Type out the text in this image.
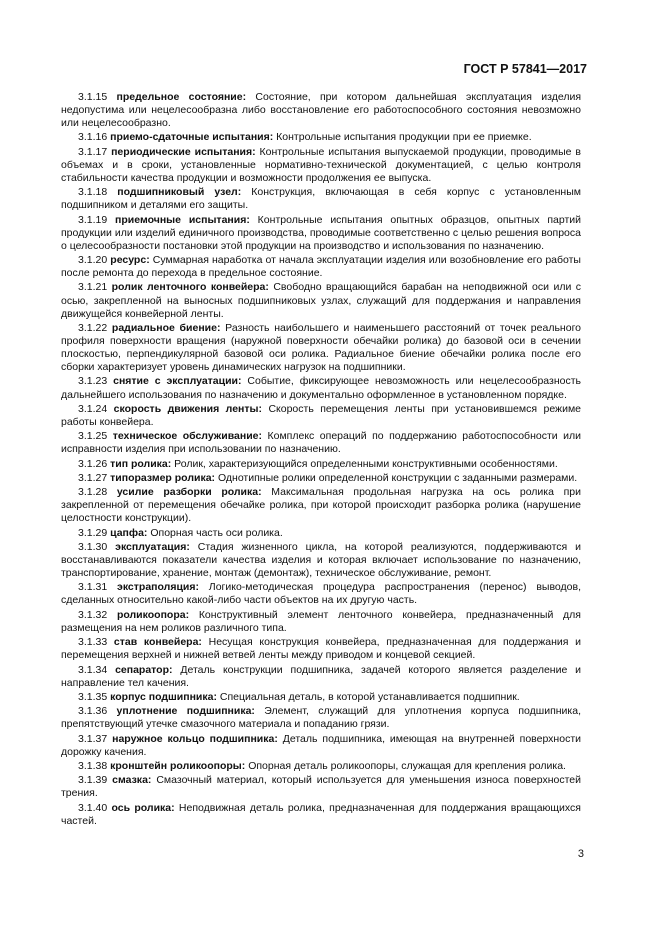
ГОСТ Р 57841—2017

3.1.15 предельное состояние: Состояние, при котором дальнейшая эксплуатация изделия недопустима или нецелесообразна либо восстановление его работоспособного состояния невозможно или нецелесообразно.

3.1.16 приемо-сдаточные испытания: Контрольные испытания продукции при ее приемке.

3.1.17 периодические испытания: Контрольные испытания выпускаемой продукции, проводимые в объемах и в сроки, установленные нормативно-технической документацией, с целью контроля стабильности качества продукции и возможности продолжения ее выпуска.

3.1.18 подшипниковый узел: Конструкция, включающая в себя корпус с установленным подшипником и деталями его защиты.

3.1.19 приемочные испытания: Контрольные испытания опытных образцов, опытных партий продукции или изделий единичного производства, проводимые соответственно с целью решения вопроса о целесообразности постановки этой продукции на производство и использования по назначению.

3.1.20 ресурс: Суммарная наработка от начала эксплуатации изделия или возобновление его работы после ремонта до перехода в предельное состояние.

3.1.21 ролик ленточного конвейера: Свободно вращающийся барабан на неподвижной оси или с осью, закрепленной на выносных подшипниковых узлах, служащий для поддержания и направления движущейся конвейерной ленты.

3.1.22 радиальное биение: Разность наибольшего и наименьшего расстояний от точек реального профиля поверхности вращения (наружной поверхности обечайки ролика) до базовой оси в сечении плоскостью, перпендикулярной базовой оси ролика. Радиальное биение обечайки ролика после его сборки характеризует уровень динамических нагрузок на подшипники.

3.1.23 снятие с эксплуатации: Событие, фиксирующее невозможность или нецелесообразность дальнейшего использования по назначению и документально оформленное в установленном порядке.

3.1.24 скорость движения ленты: Скорость перемещения ленты при установившемся режиме работы конвейера.

3.1.25 техническое обслуживание: Комплекс операций по поддержанию работоспособности или исправности изделия при использовании по назначению.

3.1.26 тип ролика: Ролик, характеризующийся определенными конструктивными особенностями.

3.1.27 типоразмер ролика: Однотипные ролики определенной конструкции с заданными размерами.

3.1.28 усилие разборки ролика: Максимальная продольная нагрузка на ось ролика при закрепленной от перемещения обечайке ролика, при которой происходит разборка ролика (нарушение целостности конструкции).

3.1.29 цапфа: Опорная часть оси ролика.

3.1.30 эксплуатация: Стадия жизненного цикла, на которой реализуются, поддерживаются и восстанавливаются показатели качества изделия и которая включает использование по назначению, транспортирование, хранение, монтаж (демонтаж), техническое обслуживание, ремонт.

3.1.31 экстраполяция: Логико-методическая процедура распространения (перенос) выводов, сделанных относительно какой-либо части объектов на их другую часть.

3.1.32 роликоопора: Конструктивный элемент ленточного конвейера, предназначенный для размещения на нем роликов различного типа.

3.1.33 став конвейера: Несущая конструкция конвейера, предназначенная для поддержания и перемещения верхней и нижней ветвей ленты между приводом и концевой секцией.

3.1.34 сепаратор: Деталь конструкции подшипника, задачей которого является разделение и направление тел качения.

3.1.35 корпус подшипника: Специальная деталь, в которой устанавливается подшипник.

3.1.36 уплотнение подшипника: Элемент, служащий для уплотнения корпуса подшипника, препятствующий утечке смазочного материала и попаданию грязи.

3.1.37 наружное кольцо подшипника: Деталь подшипника, имеющая на внутренней поверхности дорожку качения.

3.1.38 кронштейн роликоопоры: Опорная деталь роликоопоры, служащая для крепления ролика.

3.1.39 смазка: Смазочный материал, который используется для уменьшения износа поверхностей трения.

3.1.40 ось ролика: Неподвижная деталь ролика, предназначенная для поддержания вращающихся частей.

3
